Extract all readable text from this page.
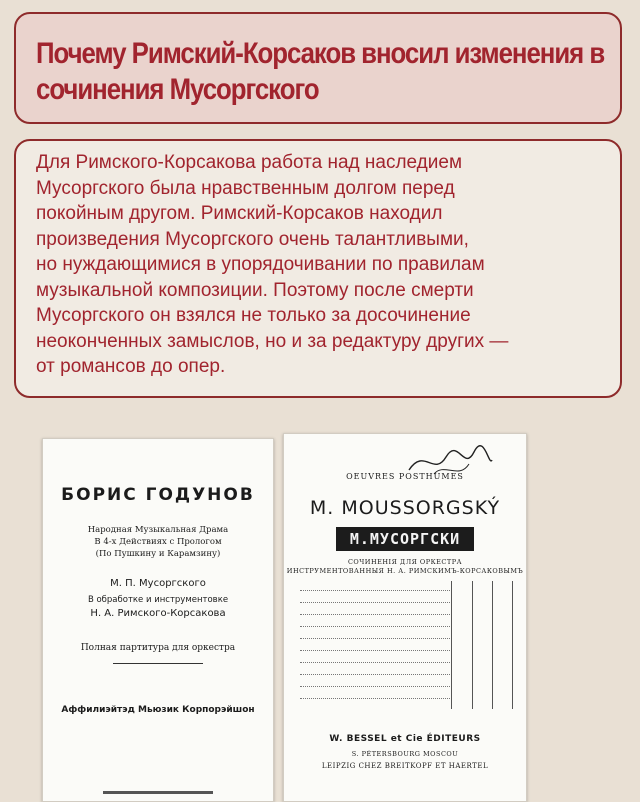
Почему Римский-Корсаков вносил изменения в сочинения Мусоргского

Для Римского-Корсакова работа над наследием
Мусоргского была нравственным долгом перед
покойным другом. Римский-Корсаков находил
произведения Мусоргского очень талантливыми,
но нуждающимися в упорядочивании по правилам
музыкальной композиции. Поэтому после смерти
Мусоргского он взялся не только за досочинение
неоконченных замыслов, но и за редактуру других —
от романсов до опер.

БОРИС ГОДУНОВ
Народная Музыкальная Драма
В 4-х Действиях с Прологом
(По Пушкину и Карамзину)
М. П. Мусоргского
В обработке и инструментовке
Н. А. Римского-Корсакова
Полная партитура для оркестра
Аффилиэйтэд Мьюзик Корпорэйшон
OEUVRES POSTHUMES
M. MOUSSORGSKÝ
М.МУСОРГСКИ
СОЧИНЕНІЯ ДЛЯ ОРКЕСТРА
ИНСТРУМЕНТОВАННЫЯ Н. А. РИМСКИМЪ-КОРСАКОВЫМЪ
W. BESSEL et Cie ÉDITEURS
S. PÉTERSBOURG MOSCOU
LEIPZIG CHEZ BREITKOPF ET HAERTEL
